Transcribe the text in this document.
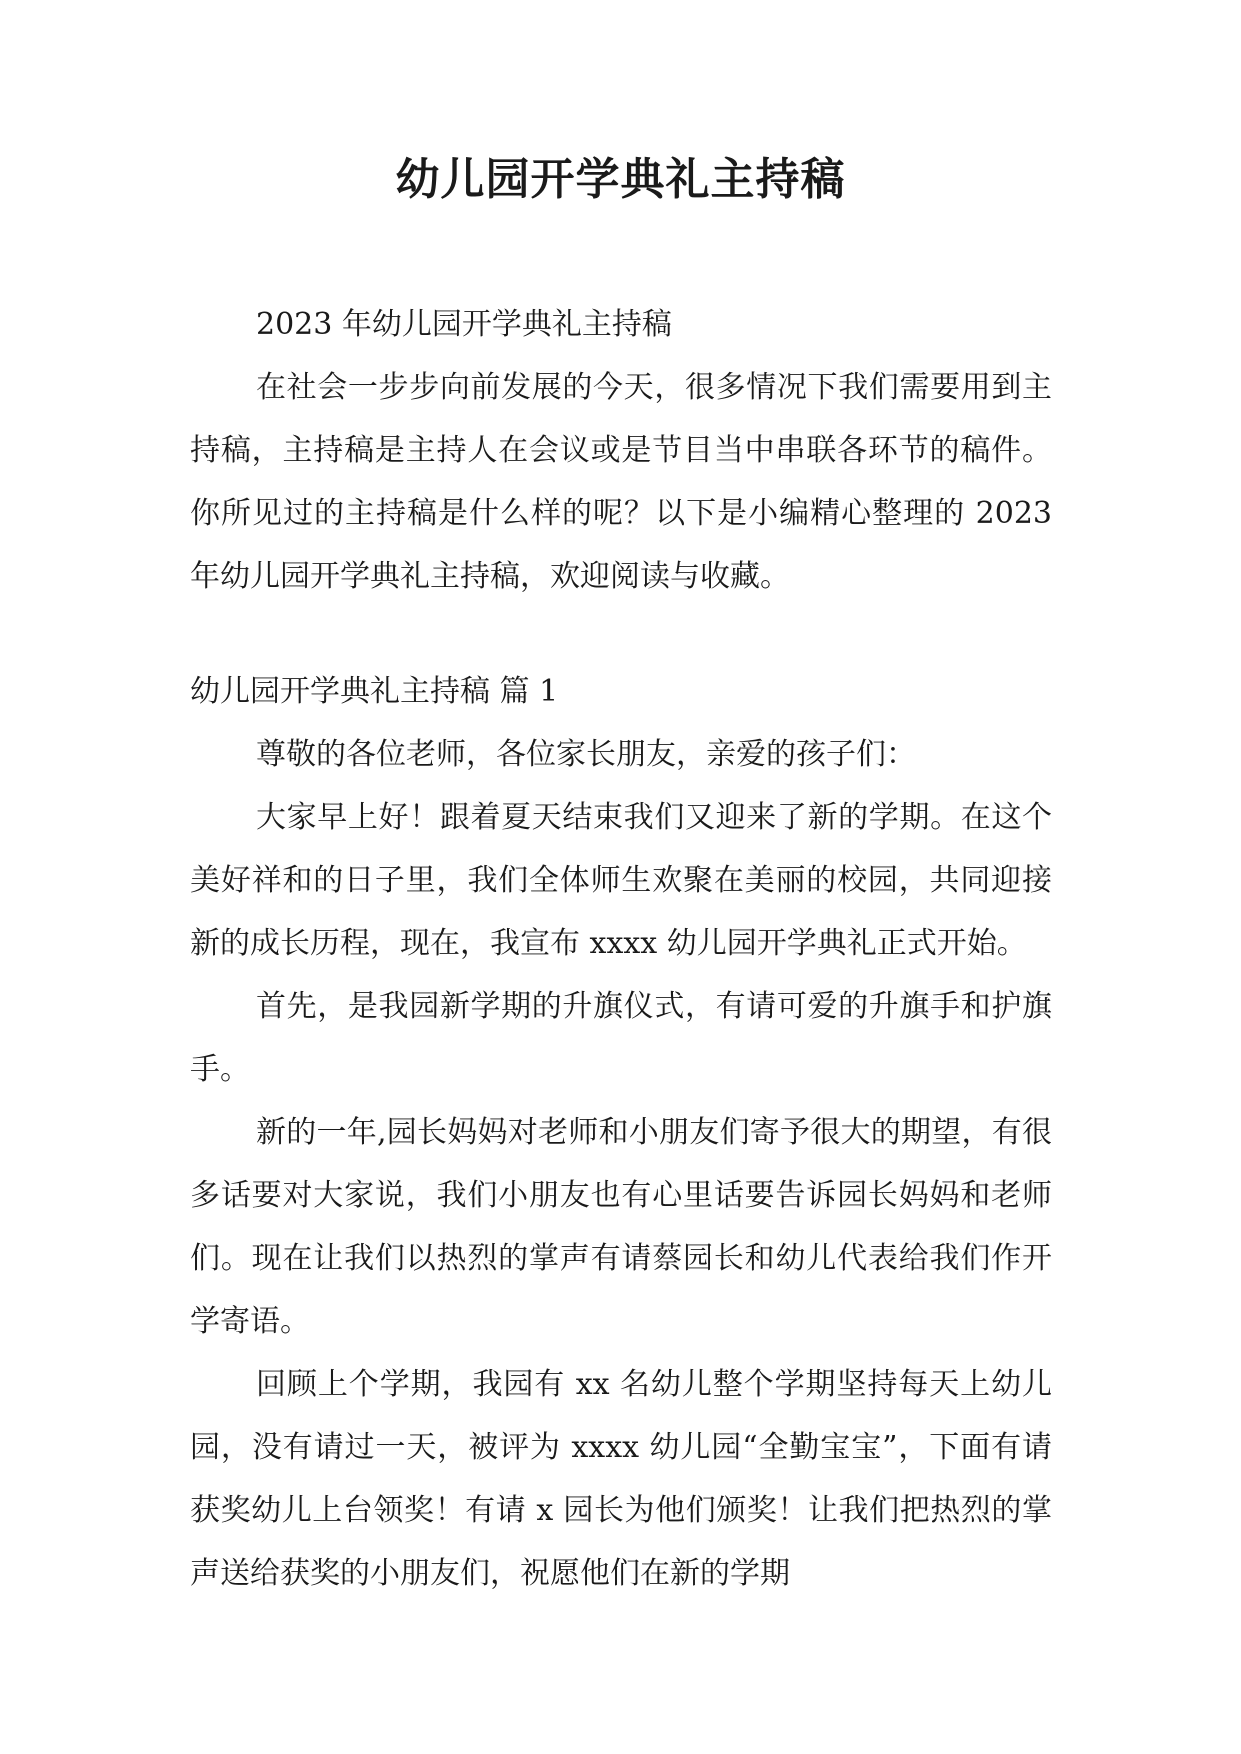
幼儿园开学典礼主持稿

2023 年幼儿园开学典礼主持稿

在社会一步步向前发展的今天，很多情况下我们需要用到主持稿，主持稿是主持人在会议或是节目当中串联各环节的稿件。你所见过的主持稿是什么样的呢？以下是小编精心整理的 2023 年幼儿园开学典礼主持稿，欢迎阅读与收藏。

幼儿园开学典礼主持稿 篇 1

尊敬的各位老师，各位家长朋友，亲爱的孩子们：

大家早上好！跟着夏天结束我们又迎来了新的学期。在这个美好祥和的日子里，我们全体师生欢聚在美丽的校园，共同迎接新的成长历程，现在，我宣布 xxxx 幼儿园开学典礼正式开始。

首先，是我园新学期的升旗仪式，有请可爱的升旗手和护旗手。

新的一年,园长妈妈对老师和小朋友们寄予很大的期望，有很多话要对大家说，我们小朋友也有心里话要告诉园长妈妈和老师们。现在让我们以热烈的掌声有请蔡园长和幼儿代表给我们作开学寄语。

回顾上个学期，我园有 xx 名幼儿整个学期坚持每天上幼儿园，没有请过一天，被评为 xxxx 幼儿园“全勤宝宝”，下面有请获奖幼儿上台领奖！有请 x 园长为他们颁奖！让我们把热烈的掌声送给获奖的小朋友们，祝愿他们在新的学期
